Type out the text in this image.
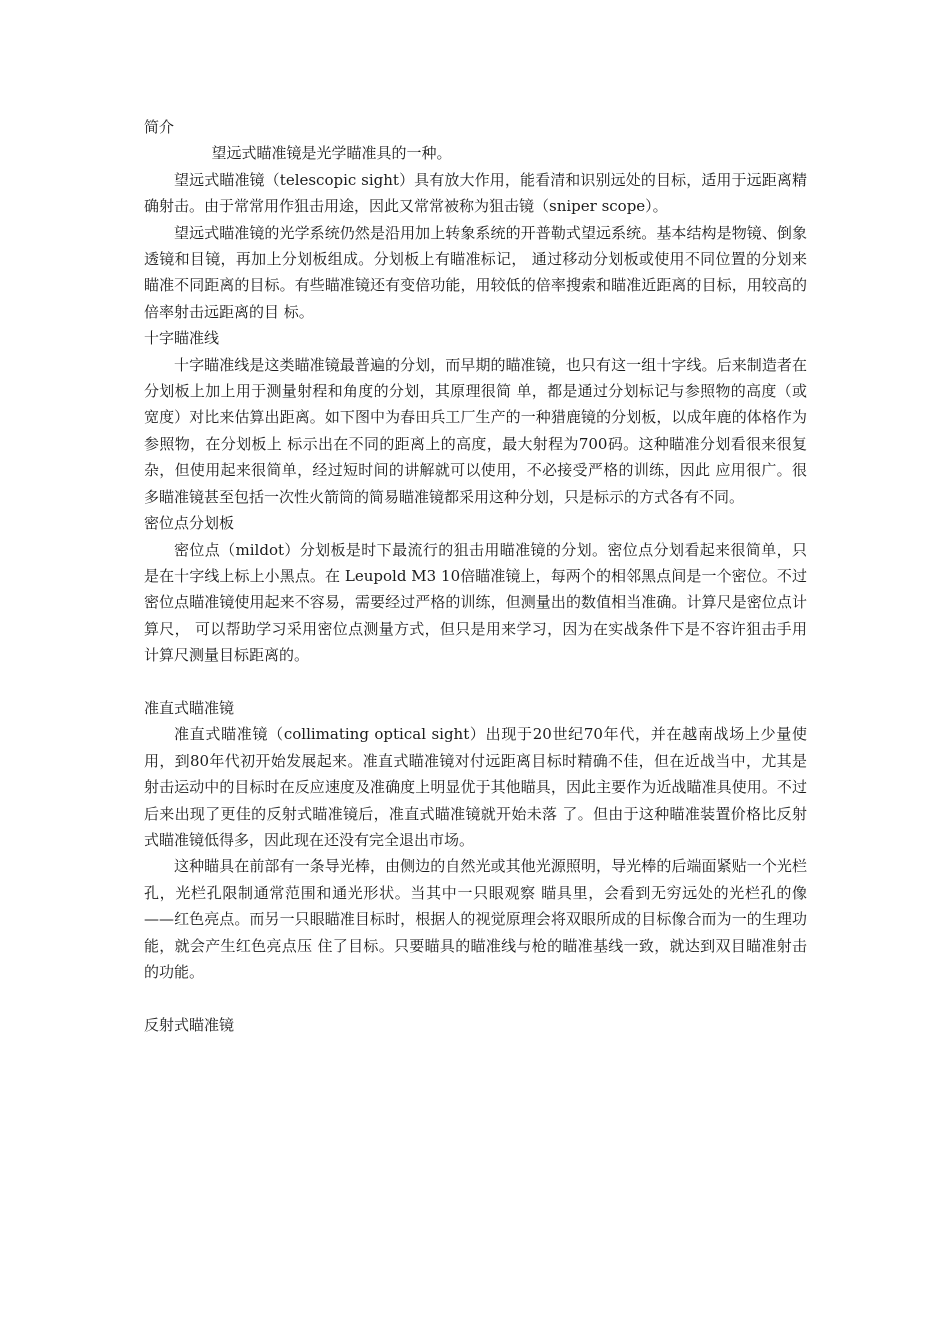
简介

望远式瞄准镜是光学瞄准具的一种。

望远式瞄准镜（telescopic sight）具有放大作用，能看清和识别远处的目标，适用于远距离精确射击。由于常常用作狙击用途，因此又常常被称为狙击镜（sniper scope）。

望远式瞄准镜的光学系统仍然是沿用加上转象系统的开普勒式望远系统。基本结构是物镜、倒象透镜和目镜，再加上分划板组成。分划板上有瞄准标记， 通过移动分划板或使用不同位置的分划来瞄准不同距离的目标。有些瞄准镜还有变倍功能，用较低的倍率搜索和瞄准近距离的目标，用较高的倍率射击远距离的目 标。

十字瞄准线

十字瞄准线是这类瞄准镜最普遍的分划，而早期的瞄准镜，也只有这一组十字线。后来制造者在分划板上加上用于测量射程和角度的分划，其原理很简 单，都是通过分划标记与参照物的高度（或宽度）对比来估算出距离。如下图中为春田兵工厂生产的一种猎鹿镜的分划板，以成年鹿的体格作为参照物，在分划板上 标示出在不同的距离上的高度，最大射程为700码。这种瞄准分划看很来很复杂，但使用起来很简单，经过短时间的讲解就可以使用，不必接受严格的训练，因此 应用很广。很多瞄准镜甚至包括一次性火箭筒的简易瞄准镜都采用这种分划，只是标示的方式各有不同。

密位点分划板

密位点（mildot）分划板是时下最流行的狙击用瞄准镜的分划。密位点分划看起来很简单，只是在十字线上标上小黑点。在 Leupold M3 10倍瞄准镜上，每两个的相邻黑点间是一个密位。不过密位点瞄准镜使用起来不容易，需要经过严格的训练，但测量出的数值相当准确。计算尺是密位点计算尺， 可以帮助学习采用密位点测量方式，但只是用来学习，因为在实战条件下是不容许狙击手用计算尺测量目标距离的。

准直式瞄准镜

准直式瞄准镜（collimating optical sight）出现于20世纪70年代，并在越南战场上少量使用，到80年代初开始发展起来。准直式瞄准镜对付远距离目标时精确不佳，但在近战当中，尤其是 射击运动中的目标时在反应速度及准确度上明显优于其他瞄具，因此主要作为近战瞄准具使用。不过后来出现了更佳的反射式瞄准镜后，准直式瞄准镜就开始未落 了。但由于这种瞄准装置价格比反射式瞄准镜低得多，因此现在还没有完全退出市场。

这种瞄具在前部有一条导光棒，由侧边的自然光或其他光源照明，导光棒的后端面紧贴一个光栏孔，光栏孔限制通常范围和通光形状。当其中一只眼观察 瞄具里，会看到无穷远处的光栏孔的像——红色亮点。而另一只眼瞄准目标时，根据人的视觉原理会将双眼所成的目标像合而为一的生理功能，就会产生红色亮点压 住了目标。只要瞄具的瞄准线与枪的瞄准基线一致，就达到双目瞄准射击的功能。

反射式瞄准镜
